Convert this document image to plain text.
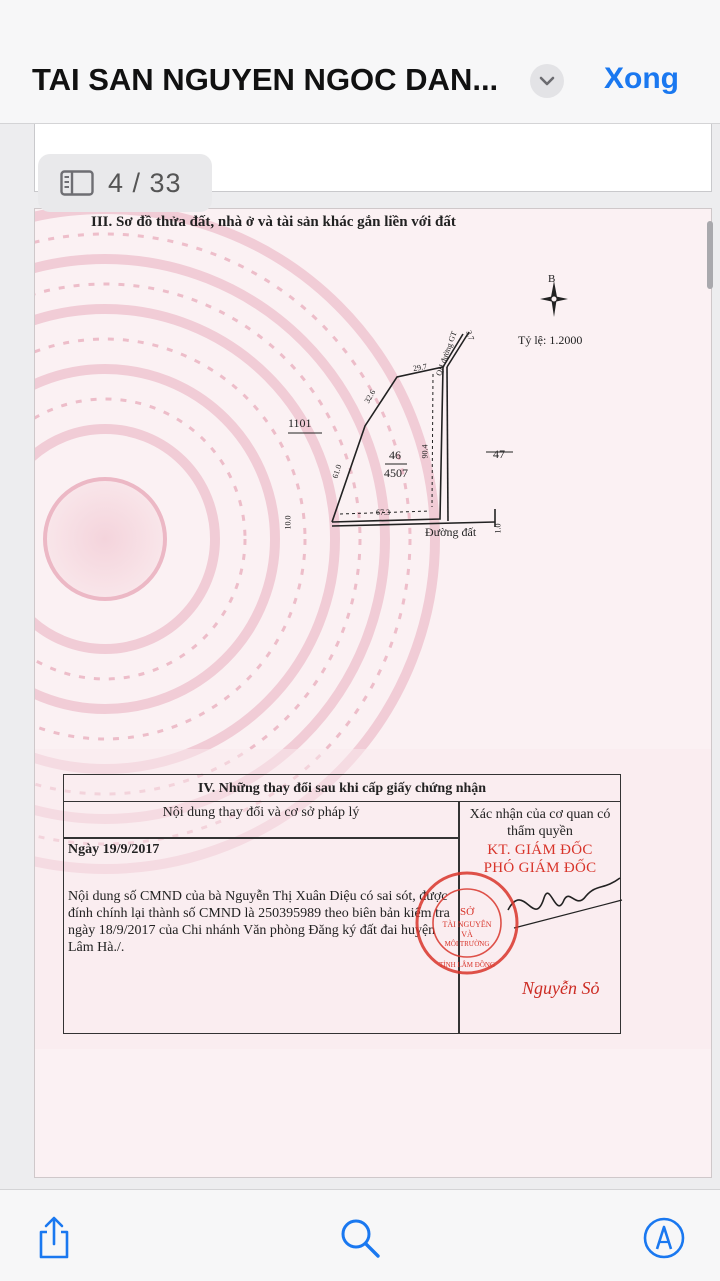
TAI SAN NGUYEN NGOC DAN...	Xong
4 / 33
III. Sơ đồ thửa đất, nhà ở và tài sản khác gắn liền với đất
B
Tỷ lệ: 1.2000
QH đường GT 3.7
1101
46
4507
47
Đường đất
29.7
32.6
61.0
90.4
67.3
10.0	1.0
IV. Những thay đổi sau khi cấp giấy chứng nhận
Nội dung thay đổi và cơ sở pháp lý	Xác nhận của cơ quan có thẩm quyền
Ngày 19/9/2017
Nội dung số CMND của bà Nguyễn Thị Xuân Diệu có sai sót, được đính chính lại thành số CMND là 250395989 theo biên bản kiểm tra ngày 18/9/2017 của Chi nhánh Văn phòng Đăng ký đất đai huyện Lâm Hà./.
KT. GIÁM ĐỐC
PHÓ GIÁM ĐỐC
Nguyễn Sỏ
SỞ
TÀI NGUYÊN
VÀ
MÔI TRƯỜNG
TỈNH LÂM ĐỒNG
